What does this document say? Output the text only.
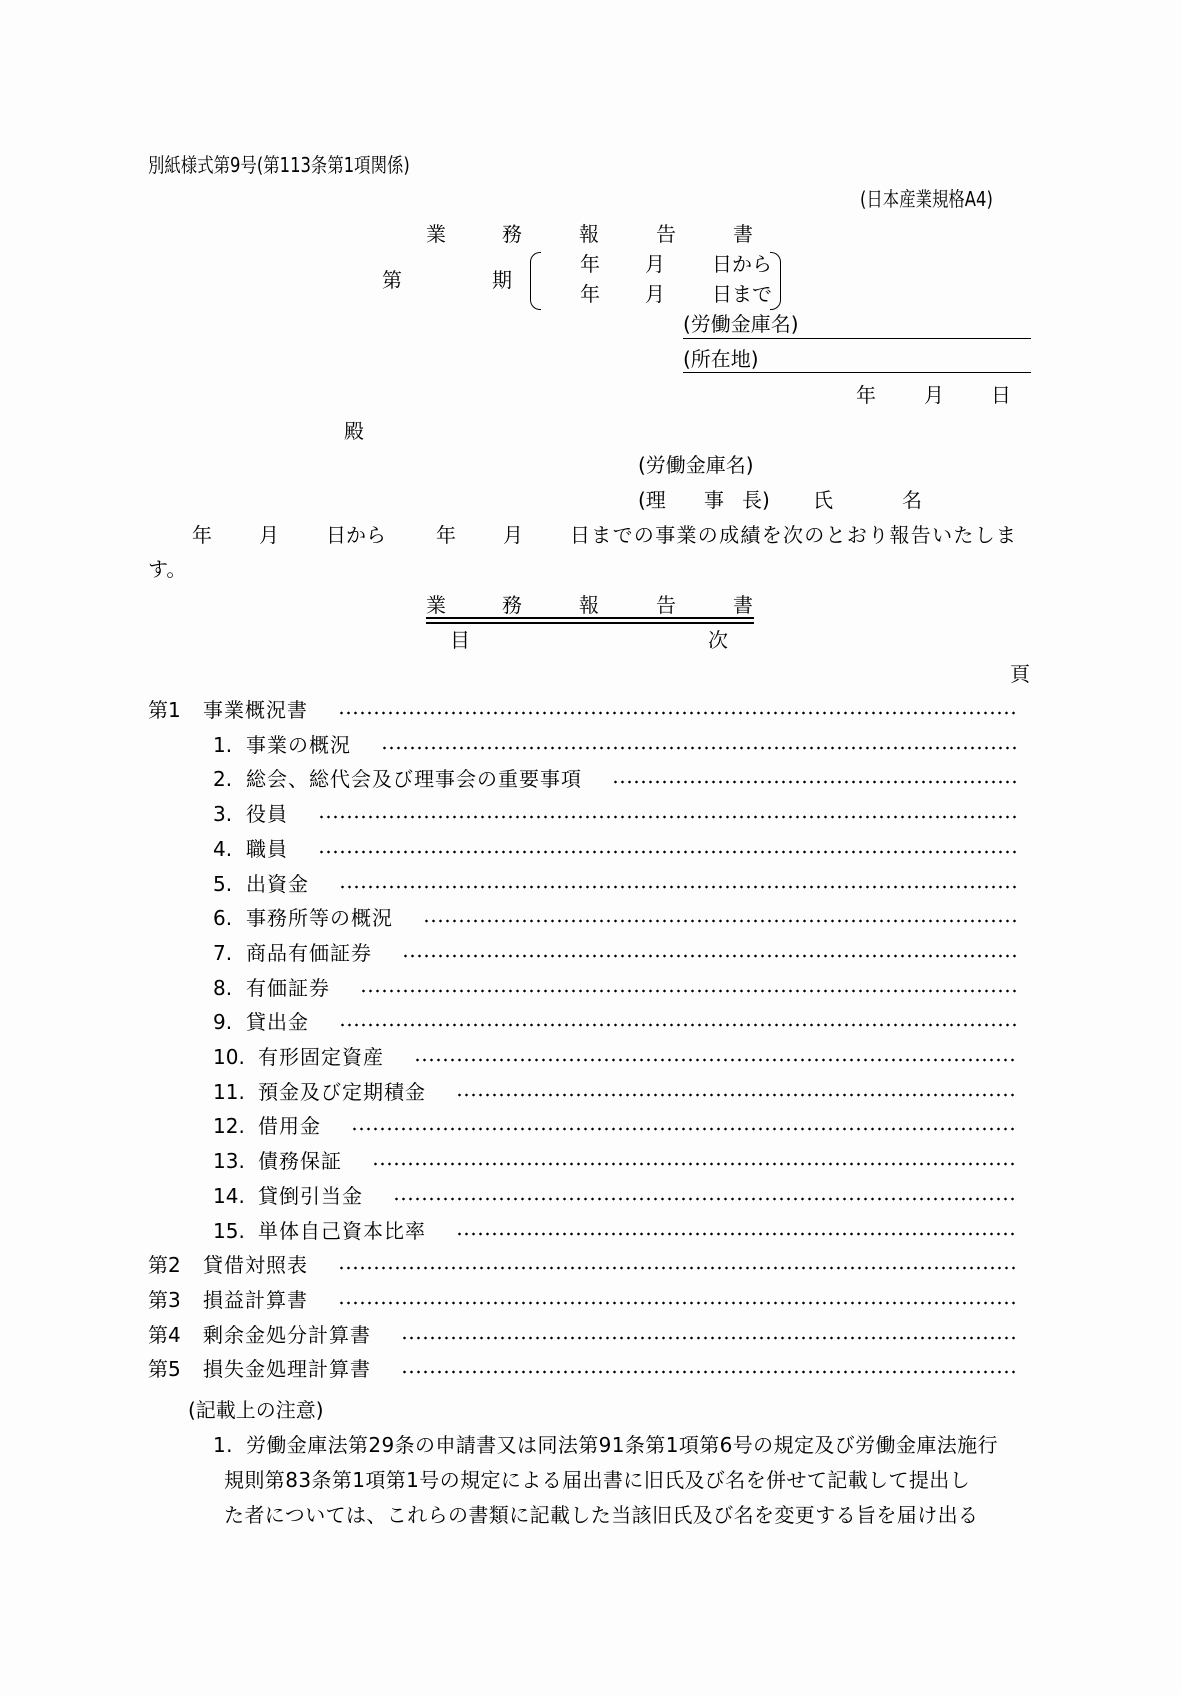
別紙様式第9号(第113条第1項関係)
(日本産業規格A4)
業	務	報	告	書
第	期
年 月 日から
年 月 日まで
(労働金庫名)
(所在地)
年 月 日
殿
(労働金庫名)
(理 事 長) 氏	名
年 月 日から	年 月 日までの事業の成績を次のとおり報告いたしま
す。
業	務	報	告	書
目	次
頁
第1 事業概況書
1. 事業の概況
2. 総会、総代会及び理事会の重要事項
3. 役員
4. 職員
5. 出資金
6. 事務所等の概況
7. 商品有価証券
8. 有価証券
9. 貸出金
10. 有形固定資産
11. 預金及び定期積金
12. 借用金
13. 債務保証
14. 貸倒引当金
15. 単体自己資本比率
第2 貸借対照表
第3 損益計算書
第4 剰余金処分計算書
第5 損失金処理計算書
(記載上の注意)
1. 労働金庫法第29条の申請書又は同法第91条第1項第6号の規定及び労働金庫法施行
規則第83条第1項第1号の規定による届出書に旧氏及び名を併せて記載して提出し
た者については、これらの書類に記載した当該旧氏及び名を変更する旨を届け出る
